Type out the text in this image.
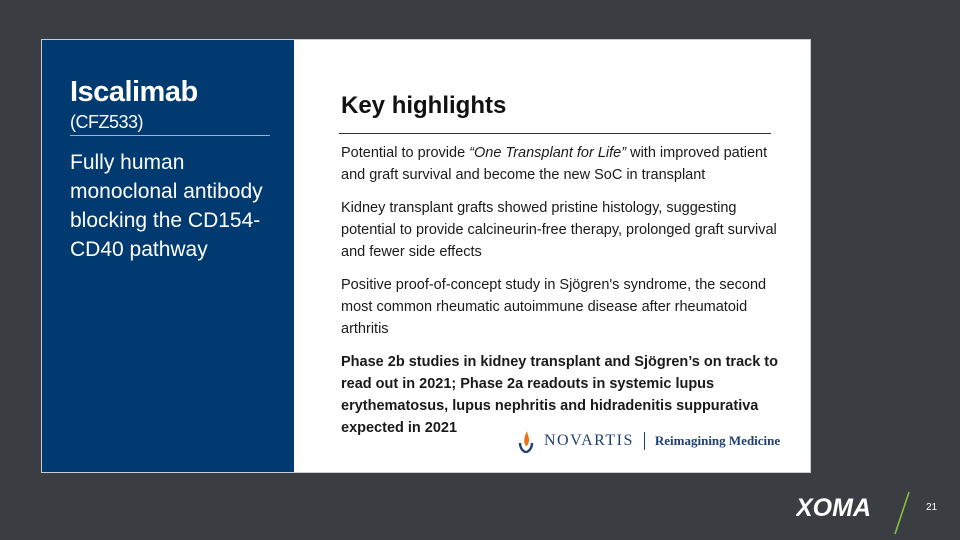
Iscalimab
(CFZ533)
Fully human monoclonal antibody blocking the CD154-CD40 pathway
Key highlights
Potential to provide “One Transplant for Life” with improved patient and graft survival and become the new SoC in transplant
Kidney transplant grafts showed pristine histology, suggesting potential to provide calcineurin-free therapy, prolonged graft survival and fewer side effects
Positive proof-of-concept study in Sjögren's syndrome, the second most common rheumatic autoimmune disease after rheumatoid arthritis
Phase 2b studies in kidney transplant and Sjögren’s on track to read out in 2021; Phase 2a readouts in systemic lupus erythematosus, lupus nephritis and hidradenitis suppurativa expected in 2021
NOVARTIS Reimagining Medicine
XOMA	21
